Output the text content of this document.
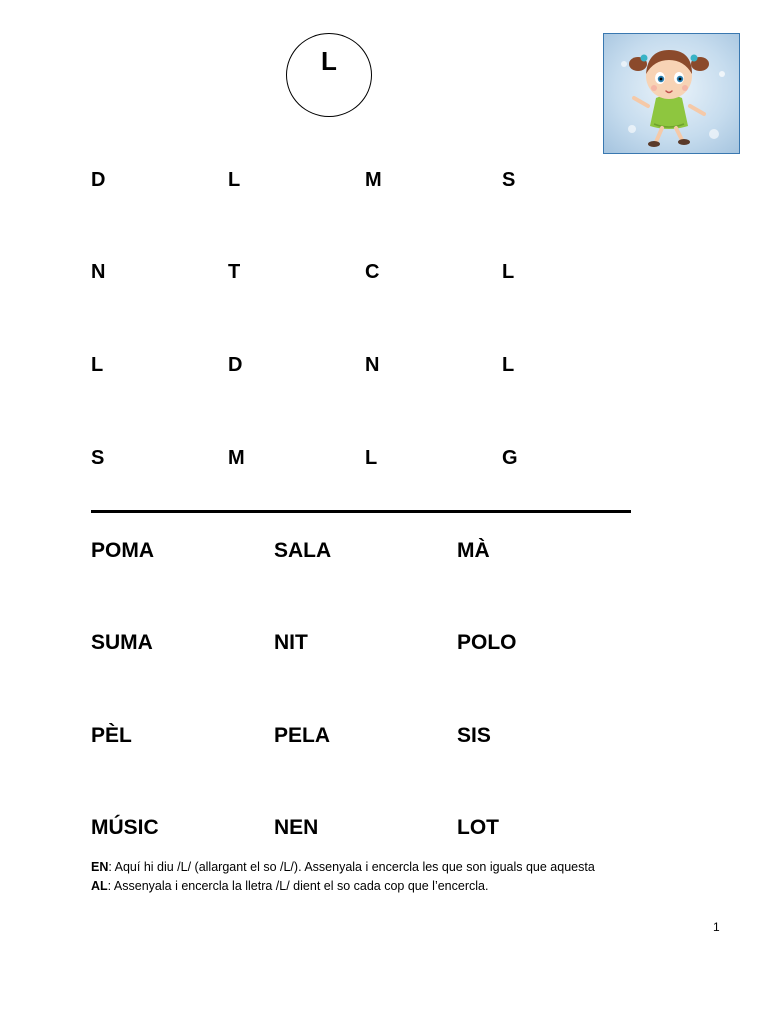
L
D	L	M	S
N	T	C	L
L	D	N	L
S	M	L	G
POMA	SALA	MÀ
SUMA	NIT	POLO
PÈL	PELA	SIS
MÚSIC	NEN	LOT
EN: Aquí hi diu /L/ (allargant el so /L/). Assenyala i encercla les que son iguals que aquesta
AL: Assenyala i encercla la lletra /L/ dient el so cada cop que l’encercla.
1
